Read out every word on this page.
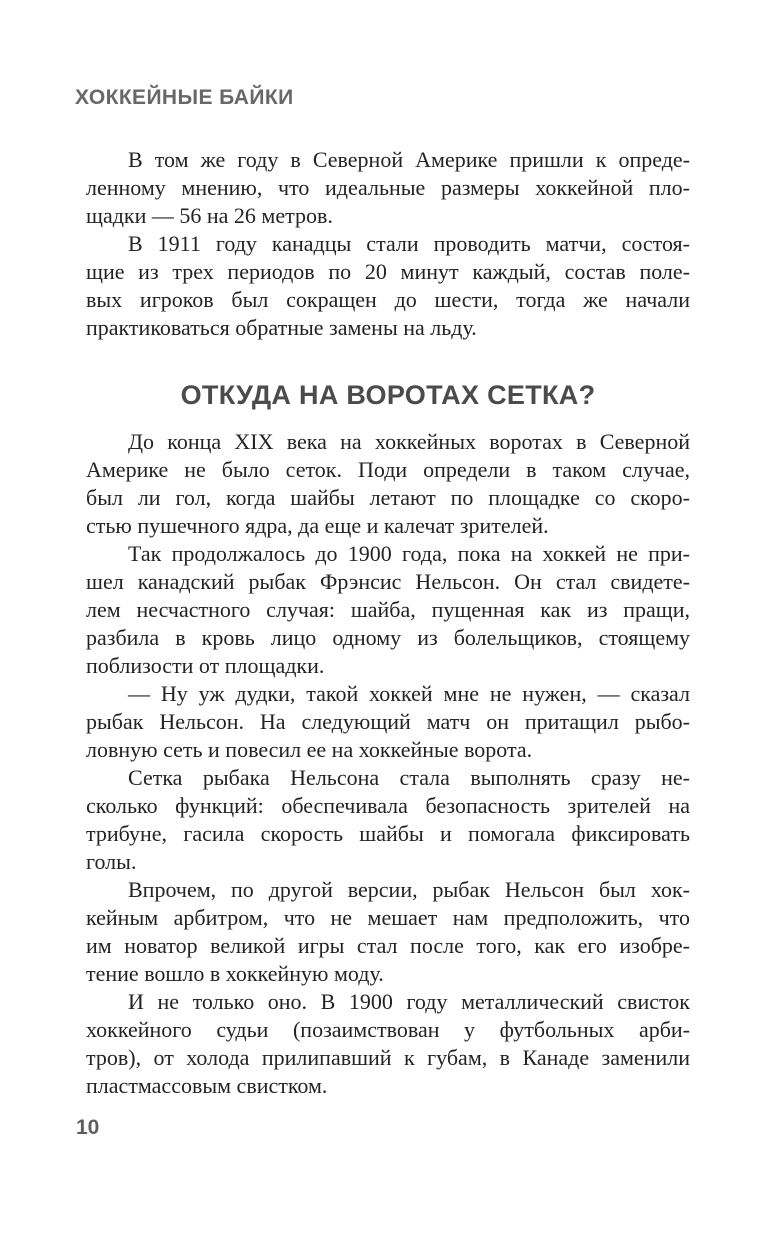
ХОККЕЙНЫЕ БАЙКИ

В том же году в Северной Америке пришли к опреде-
ленному мнению, что идеальные размеры хоккейной пло-
щадки — 56 на 26 метров.

В 1911 году канадцы стали проводить матчи, состоя-
щие из трех периодов по 20 минут каждый, состав поле-
вых игроков был сокращен до шести, тогда же начали
практиковаться обратные замены на льду.

ОТКУДА НА ВОРОТАХ СЕТКА?

До конца XIX века на хоккейных воротах в Северной
Америке не было сеток. Поди определи в таком случае,
был ли гол, когда шайбы летают по площадке со скоро-
стью пушечного ядра, да еще и калечат зрителей.

Так продолжалось до 1900 года, пока на хоккей не при-
шел канадский рыбак Фрэнсис Нельсон. Он стал свидете-
лем несчастного случая: шайба, пущенная как из пращи,
разбила в кровь лицо одному из болельщиков, стоящему
поблизости от площадки.

— Ну уж дудки, такой хоккей мне не нужен, — сказал
рыбак Нельсон. На следующий матч он притащил рыбо-
ловную сеть и повесил ее на хоккейные ворота.

Сетка рыбака Нельсона стала выполнять сразу не-
сколько функций: обеспечивала безопасность зрителей на
трибуне, гасила скорость шайбы и помогала фиксировать
голы.

Впрочем, по другой версии, рыбак Нельсон был хок-
кейным арбитром, что не мешает нам предположить, что
им новатор великой игры стал после того, как его изобре-
тение вошло в хоккейную моду.

И не только оно. В 1900 году металлический свисток
хоккейного судьи (позаимствован у футбольных арби-
тров), от холода прилипавший к губам, в Канаде заменили
пластмассовым свистком.

10
